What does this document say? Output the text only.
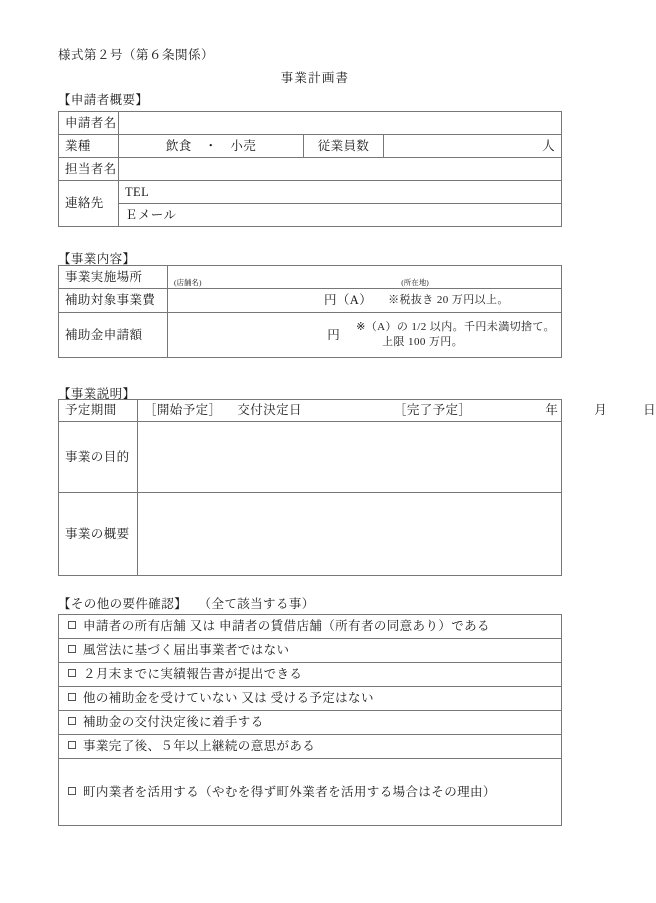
様式第２号（第６条関係）
事業計画書
【申請者概要】
申請者名			
業種	飲食　・　小売	従業員数	人
担当者名			
連絡先	TEL		
	Ｅメール		
【事業内容】
事業実施場所	(店舗名) (所在地)

補助対象事業費	円（A） ※税抜き 20 万円以上。

補助金申請額	円
※（A）の 1/2 以内。千円未満切捨て。
上限 100 万円。
【事業説明】
予定期間	［開始予定］	交付決定日	［完了予定］	年	月	日

事業の目的	
事業の概要	
【その他の要件確認】 （全て該当する事）
申請者の所有店舗 又は 申請者の賃借店舗（所有者の同意あり）である
風営法に基づく届出事業者ではない
２月末までに実績報告書が提出できる
他の補助金を受けていない 又は 受ける予定はない
補助金の交付決定後に着手する
事業完了後、５年以上継続の意思がある
町内業者を活用する（やむを得ず町外業者を活用する場合はその理由）
